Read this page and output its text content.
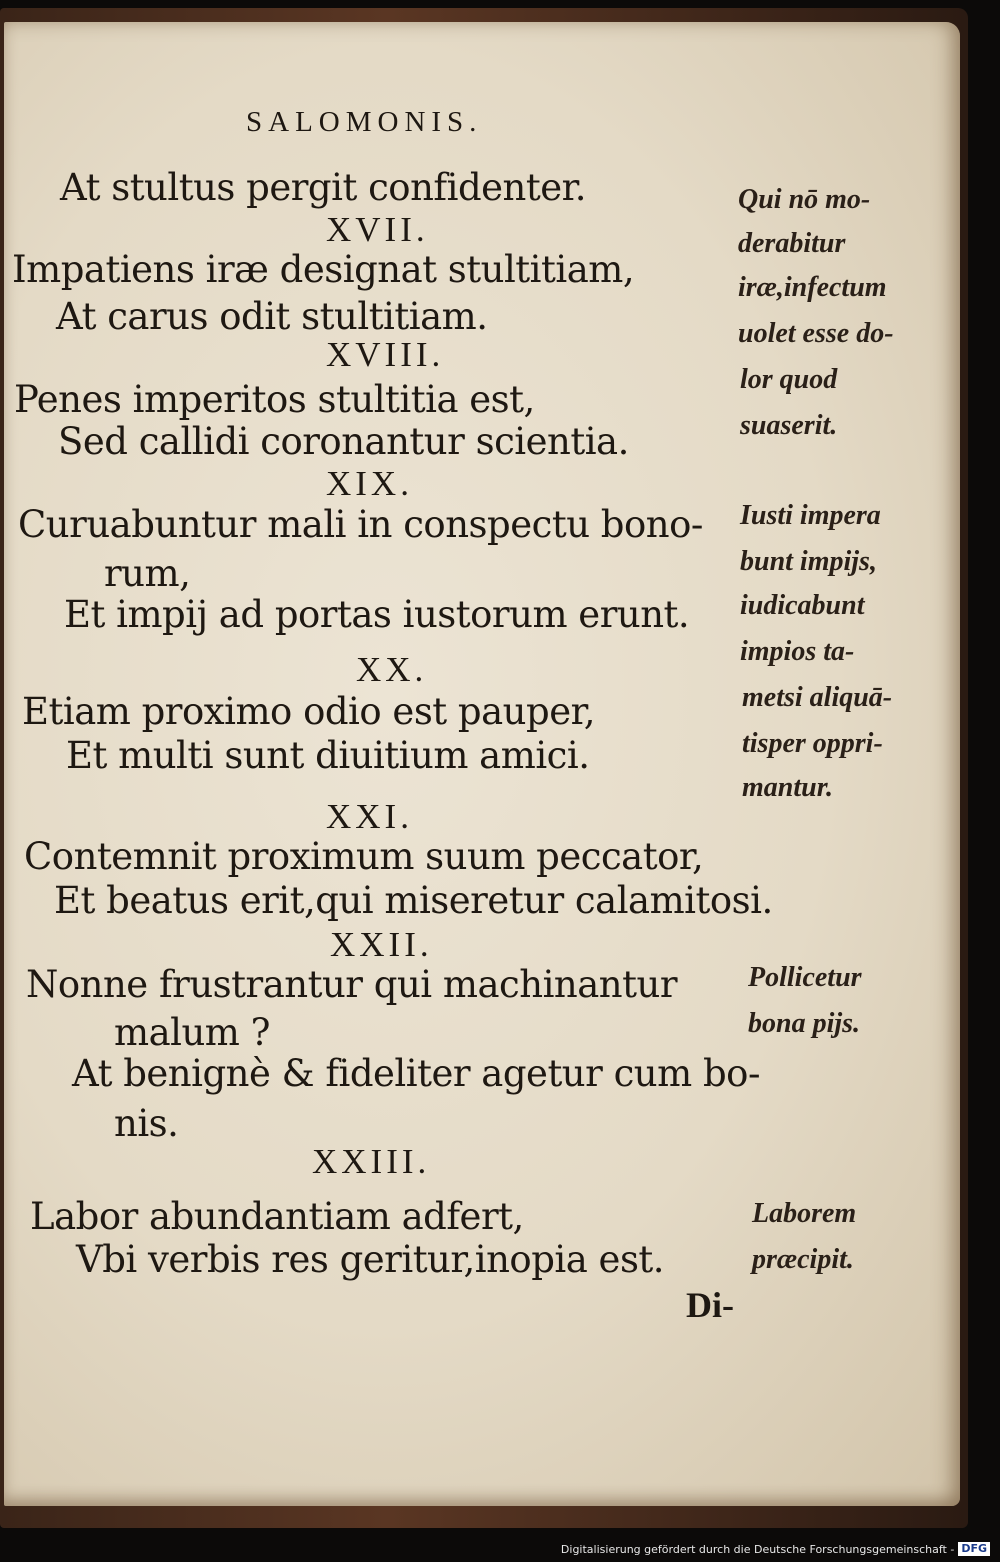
SALOMONIS.
At stultus pergit confidenter.
XVII.
Impatiens iræ designat stultitiam,
At carus odit stultitiam.
XVIII.
Penes imperitos stultitia est,
Sed callidi coronantur scientia.
XIX.
Curuabuntur mali in conspectu bono-
rum,
Et impij ad portas iustorum erunt.
XX.
Etiam proximo odio est pauper,
Et multi sunt diuitium amici.
XXI.
Contemnit proximum suum peccator,
Et beatus erit,qui miseretur calamitosi.
XXII.
Nonne frustrantur qui machinantur
malum ?
At benignè & fideliter agetur cum bo-
nis.
XXIII.
Labor abundantiam adfert,
Vbi verbis res geritur,inopia est.
Qui nō mo-
derabitur
iræ,infectum
uolet esse do-
lor quod
suaserit.
Iusti impera
bunt impijs,
iudicabunt
impios ta-
metsi aliquā-
tisper oppri-
mantur.
Pollicetur
bona pijs.
Laborem
præcipit.
Di-
Digitalisierung gefördert durch die Deutsche Forschungsgemeinschaft - DFG
